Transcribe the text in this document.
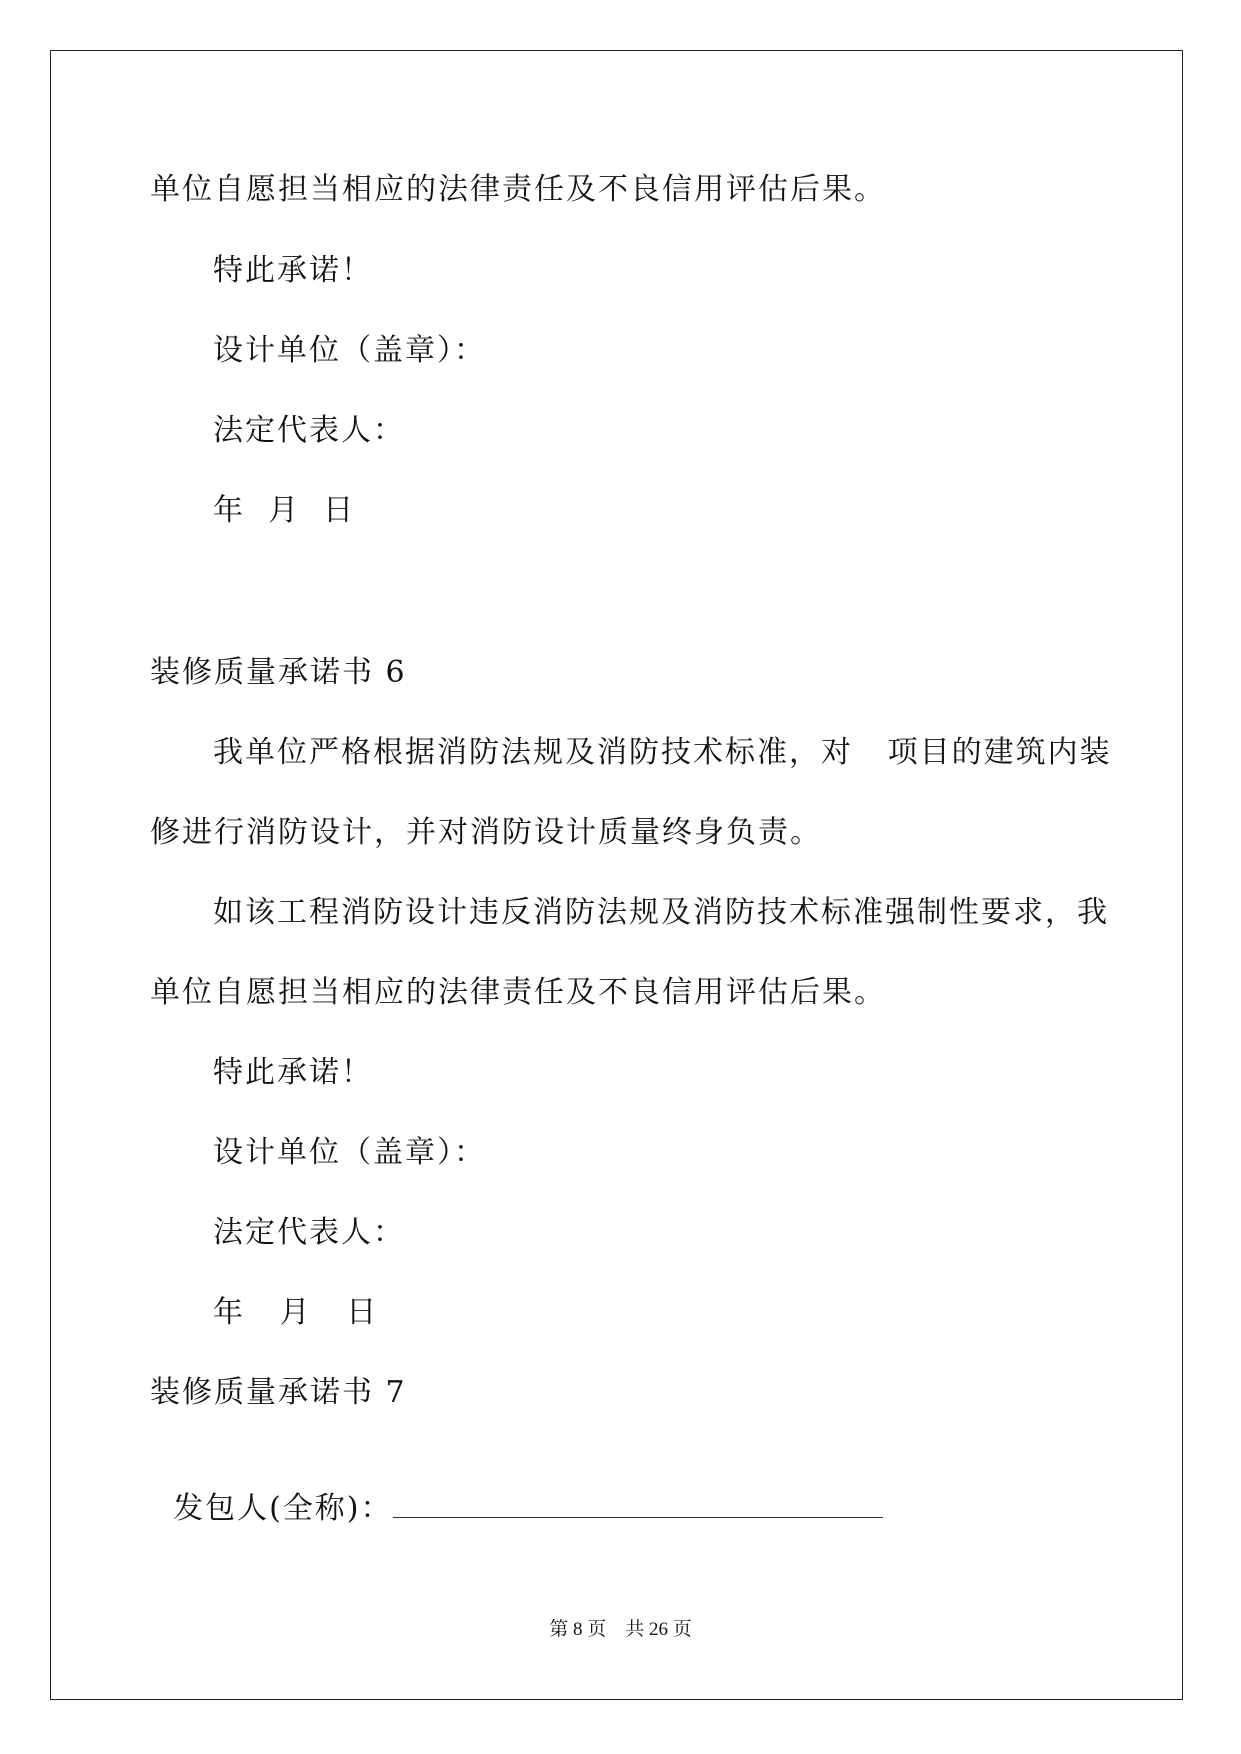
单位自愿担当相应的法律责任及不良信用评估后果。

特此承诺！

设计单位（盖章）：

法定代表人：

年  月  日

装修质量承诺书 6

我单位严格根据消防法规及消防技术标准，对   项目的建筑内装

修进行消防设计，并对消防设计质量终身负责。

如该工程消防设计违反消防法规及消防技术标准强制性要求，我

单位自愿担当相应的法律责任及不良信用评估后果。

特此承诺！

设计单位（盖章）：

法定代表人：

年   月   日

装修质量承诺书 7

发包人(全称)：

第 8 页 共 26 页
